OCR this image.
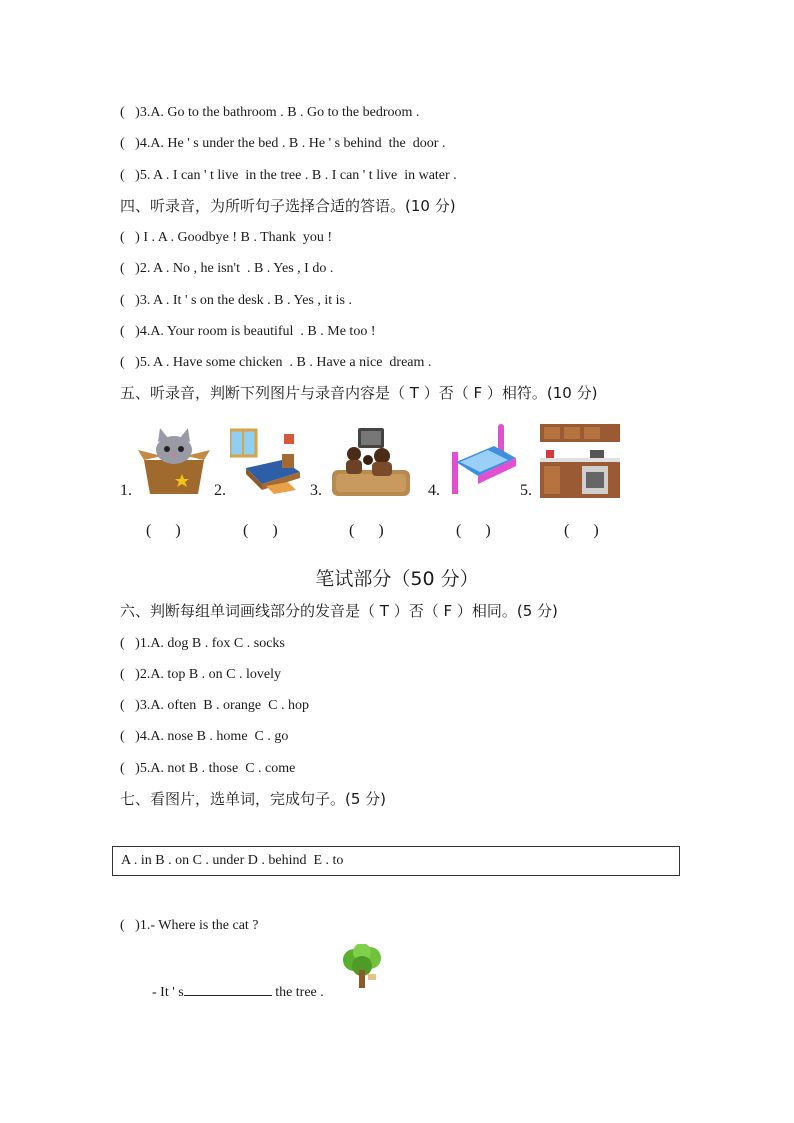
(   )3.A. Go to the bathroom . B . Go to the bedroom .
(   )4.A. He ' s under the bed . B . He ' s behind  the  door .
(   )5. A . I can ' t live  in the tree . B . I can ' t live  in water .
四、听录音，为所听句子选择合适的答语。(10 分)
(   ) I . A . Goodbye ! B . Thank  you !
(   )2. A . No , he isn't  . B . Yes , I do .
(   )3. A . It ' s on the desk . B . Yes , it is .
(   )4.A. Your room is beautiful  . B . Me too !
(   )5. A . Have some chicken  . B . Have a nice  dream .
五、听录音，判断下列图片与录音内容是（ T ）否（ F ）相符。(10 分)
1.	2.	3.	4.	5.
(      )	(      )	(      )	(      )	(      )
笔试部分（50 分）
六、判断每组单词画线部分的发音是（ T ）否（ F ）相同。(5 分)
(   )1.A. dog B . fox C . socks
(   )2.A. top B . on C . lovely
(   )3.A. often  B . orange  C . hop
(   )4.A. nose B . home  C . go
(   )5.A. not B . those  C . come
七、看图片，选单词，完成句子。(5 分)
A . in B . on C . under D . behind  E . to
(   )1.- Where is the cat ?
- It ' s	the tree .
